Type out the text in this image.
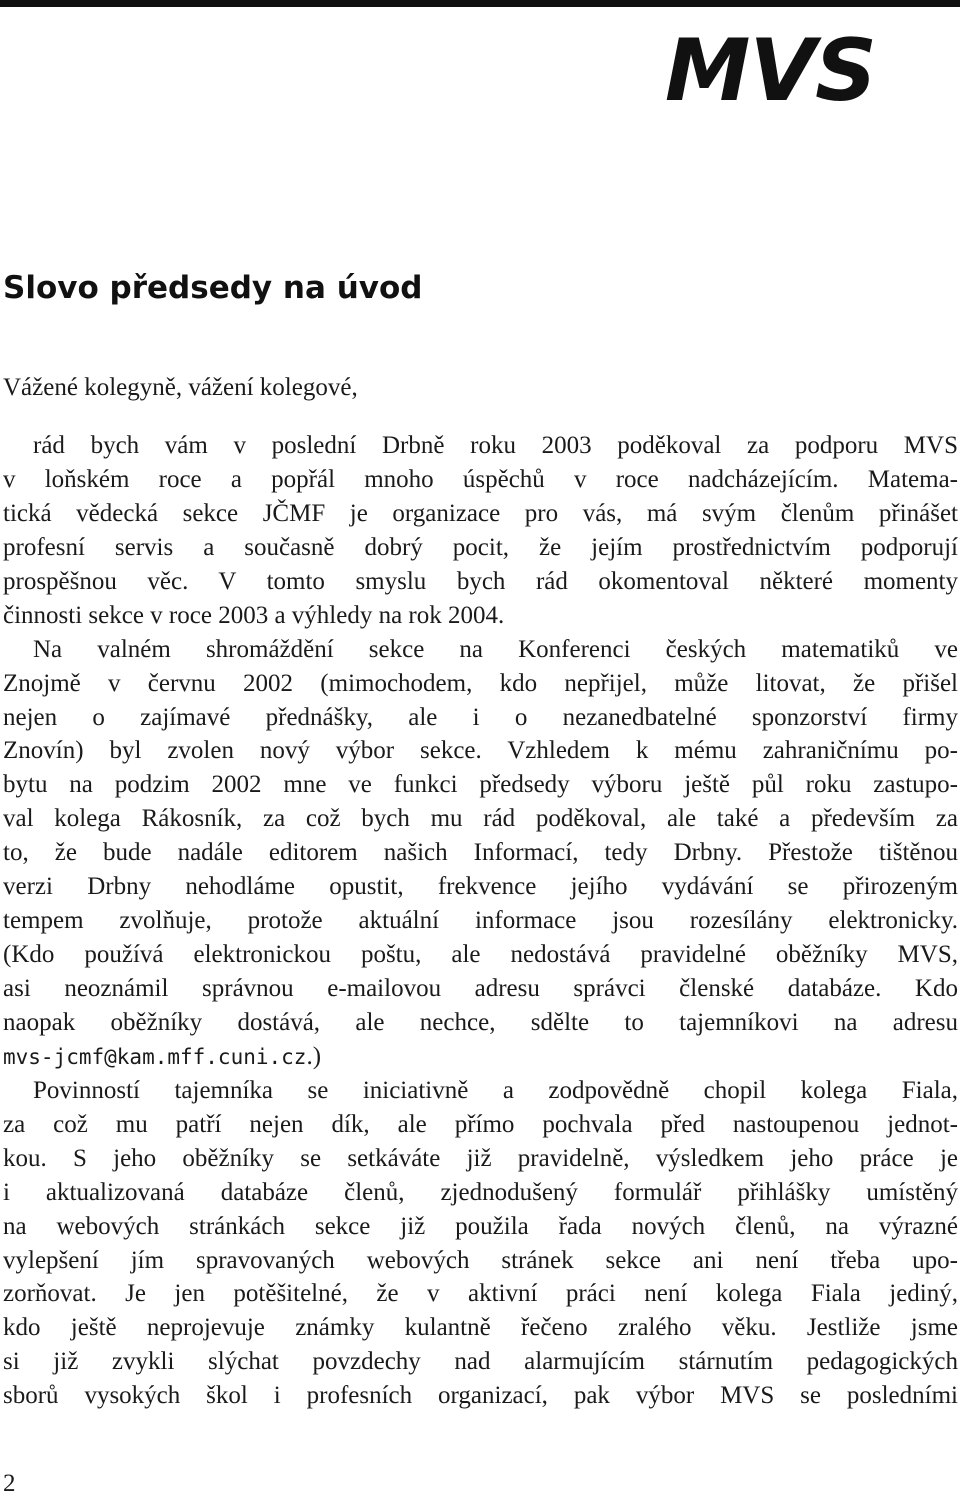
MVS
Slovo předsedy na úvod
Vážené kolegyně, vážení kolegové,
rád bych vám v poslední Drbně roku 2003 poděkoval za podporu MVS
v loňském roce a popřál mnoho úspěchů v roce nadcházejícím. Matema-
tická vědecká sekce JČMF je organizace pro vás, má svým členům přinášet
profesní servis a současně dobrý pocit, že jejím prostřednictvím podporují
prospěšnou věc. V tomto smyslu bych rád okomentoval některé momenty
činnosti sekce v roce 2003 a výhledy na rok 2004.
Na valném shromáždění sekce na Konferenci českých matematiků ve
Znojmě v červnu 2002 (mimochodem, kdo nepřijel, může litovat, že přišel
nejen o zajímavé přednášky, ale i o nezanedbatelné sponzorství firmy
Znovín) byl zvolen nový výbor sekce. Vzhledem k mému zahraničnímu po-
bytu na podzim 2002 mne ve funkci předsedy výboru ještě půl roku zastupo-
val kolega Rákosník, za což bych mu rád poděkoval, ale také a především za
to, že bude nadále editorem našich Informací, tedy Drbny. Přestože tištěnou
verzi Drbny nehodláme opustit, frekvence jejího vydávání se přirozeným
tempem zvolňuje, protože aktuální informace jsou rozesílány elektronicky.
(Kdo používá elektronickou poštu, ale nedostává pravidelné oběžníky MVS,
asi neoznámil správnou e-mailovou adresu správci členské databáze. Kdo
naopak oběžníky dostává, ale nechce, sdělte to tajemníkovi na adresu
mvs-jcmf@kam.mff.cuni.cz.)
Povinností tajemníka se iniciativně a zodpovědně chopil kolega Fiala,
za což mu patří nejen dík, ale přímo pochvala před nastoupenou jednot-
kou. S jeho oběžníky se setkáváte již pravidelně, výsledkem jeho práce je
i aktualizovaná databáze členů, zjednodušený formulář přihlášky umístěný
na webových stránkách sekce již použila řada nových členů, na výrazné
vylepšení jím spravovaných webových stránek sekce ani není třeba upo-
zorňovat. Je jen potěšitelné, že v aktivní práci není kolega Fiala jediný,
kdo ještě neprojevuje známky kulantně řečeno zralého věku. Jestliže jsme
si již zvykli slýchat povzdechy nad alarmujícím stárnutím pedagogických
sborů vysokých škol i profesních organizací, pak výbor MVS se posledními
2
